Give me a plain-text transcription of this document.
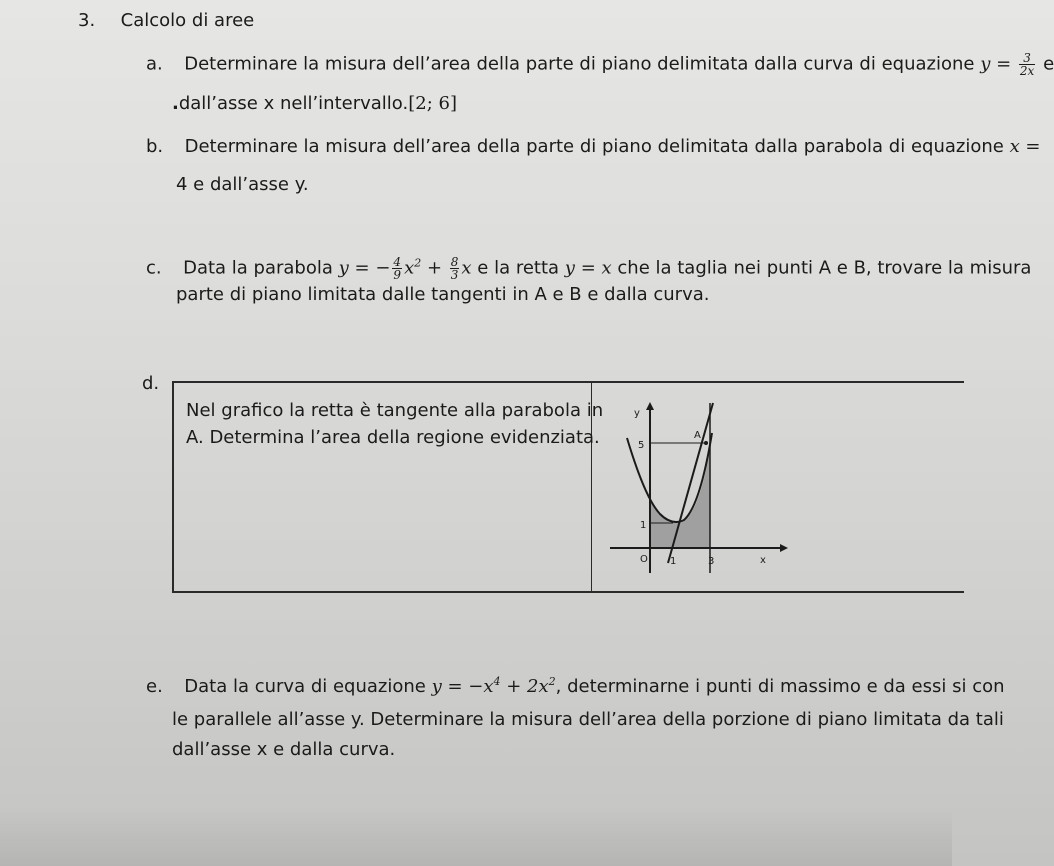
3. Calcolo di aree
a. Determinare la misura dell’area della parte di piano delimitata dalla curva di equazione $y = \frac{3}{2x}$ e
.dall’asse x nell’intervallo.[2; 6]
b. Determinare la misura dell’area della parte di piano delimitata dalla parabola di equazione x =
4 e dall’asse y.
c. Data la parabola y = − $\frac{4}{9} x^2 + \frac{8}{3}$ x e la retta y = x che la taglia nei punti A e B, trovare la misura
parte di piano limitata dalle tangenti in A e B e dalla curva.
d.
Nel grafico la retta è tangente alla parabola in
A. Determina l’area della regione evidenziata.
y
x
O
5
1
1	3
A
e. Data la curva di equazione $y = -x^4 + 2x^2$, determinarne i punti di massimo e da essi si con
le parallele all’asse y. Determinare la misura dell’area della porzione di piano limitata da tali
dall’asse x e dalla curva.
